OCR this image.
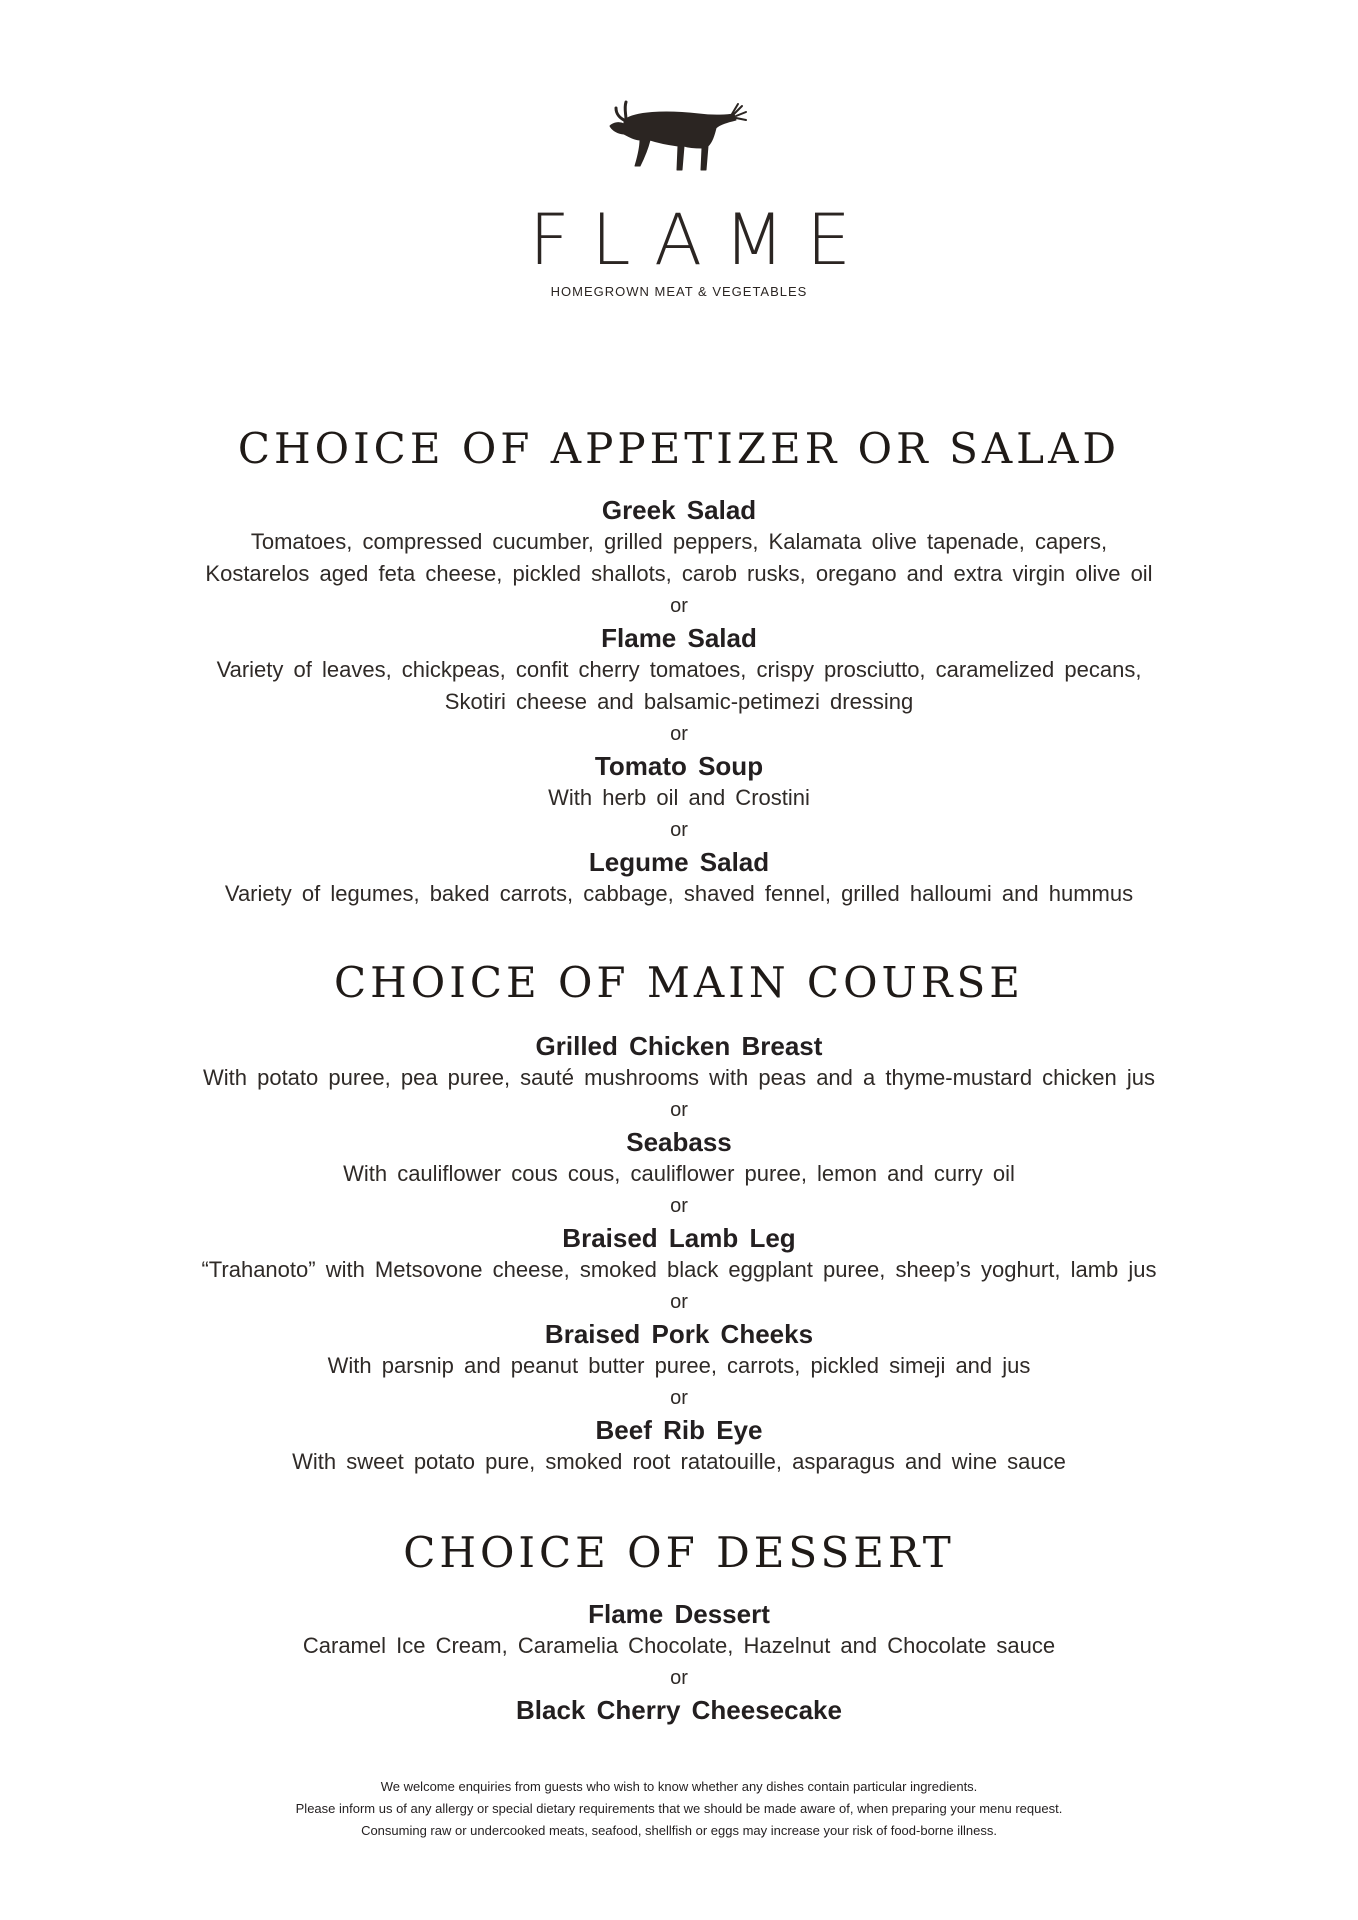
FLAME
HOMEGROWN MEAT & VEGETABLES
CHOICE OF APPETIZER OR SALAD
Greek Salad
Tomatoes, compressed cucumber, grilled peppers, Kalamata olive tapenade, capers,
Kostarelos aged feta cheese, pickled shallots, carob rusks, oregano and extra virgin olive oil
or
Flame Salad
Variety of leaves, chickpeas, confit cherry tomatoes, crispy prosciutto, caramelized pecans,
Skotiri cheese and balsamic-petimezi dressing
or
Tomato Soup
With herb oil and Crostini
or
Legume Salad
Variety of legumes, baked carrots, cabbage, shaved fennel, grilled halloumi and hummus
CHOICE OF MAIN COURSE
Grilled Chicken Breast
With potato puree, pea puree, sauté mushrooms with peas and a thyme-mustard chicken jus
or
Seabass
With cauliflower cous cous, cauliflower puree, lemon and curry oil
or
Braised Lamb Leg
“Trahanoto” with Metsovone cheese, smoked black eggplant puree, sheep’s yoghurt, lamb jus
or
Braised Pork Cheeks
With parsnip and peanut butter puree, carrots, pickled simeji and jus
or
Beef Rib Eye
With sweet potato pure, smoked root ratatouille, asparagus and wine sauce
CHOICE OF DESSERT
Flame Dessert
Caramel Ice Cream, Caramelia Chocolate, Hazelnut and Chocolate sauce
or
Black Cherry Cheesecake
We welcome enquiries from guests who wish to know whether any dishes contain particular ingredients.
Please inform us of any allergy or special dietary requirements that we should be made aware of, when preparing your menu request.
Consuming raw or undercooked meats, seafood, shellfish or eggs may increase your risk of food-borne illness.
